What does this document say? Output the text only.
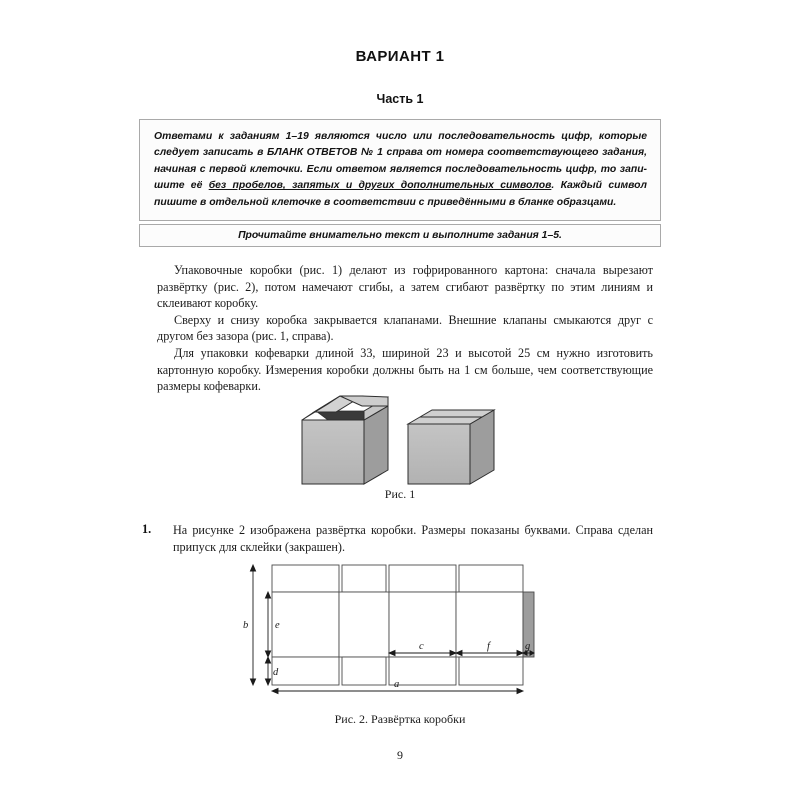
ВАРИАНТ 1
Часть 1
Ответами к заданиям 1–19 являются число или последовательность цифр, которые следует записать в БЛАНК ОТВЕТОВ № 1 справа от номера соответствующего задания, начиная с первой клеточки. Если ответом является последовательность цифр, то запи-шите её без пробелов, запятых и других дополнительных символов. Каждый символ пишите в отдельной клеточке в соответствии с приведёнными в бланке образцами.
Прочитайте внимательно текст и выполните задания 1–5.

Упаковочные коробки (рис. 1) делают из гофрированного картона: сначала вырезают развёртку (рис. 2), потом намечают сгибы, а затем сгибают развёртку по этим линиям и склеивают коробку.

Сверху и снизу коробка закрывается клапанами. Внешние клапаны смыкаются друг с другом без зазора (рис. 1, справа).

Для упаковки кофеварки длиной 33, шириной 23 и высотой 25 см нужно изготовить картонную коробку. Измерения коробки должны быть на 1 см больше, чем соответствующие размеры кофеварки.

Рис. 1
1. На рисунке 2 изображена развёртка коробки. Размеры показаны буквами. Справа сделан припуск для склейки (закрашен).
b	e
d
c	f	g
a
Рис. 2. Развёртка коробки
9
